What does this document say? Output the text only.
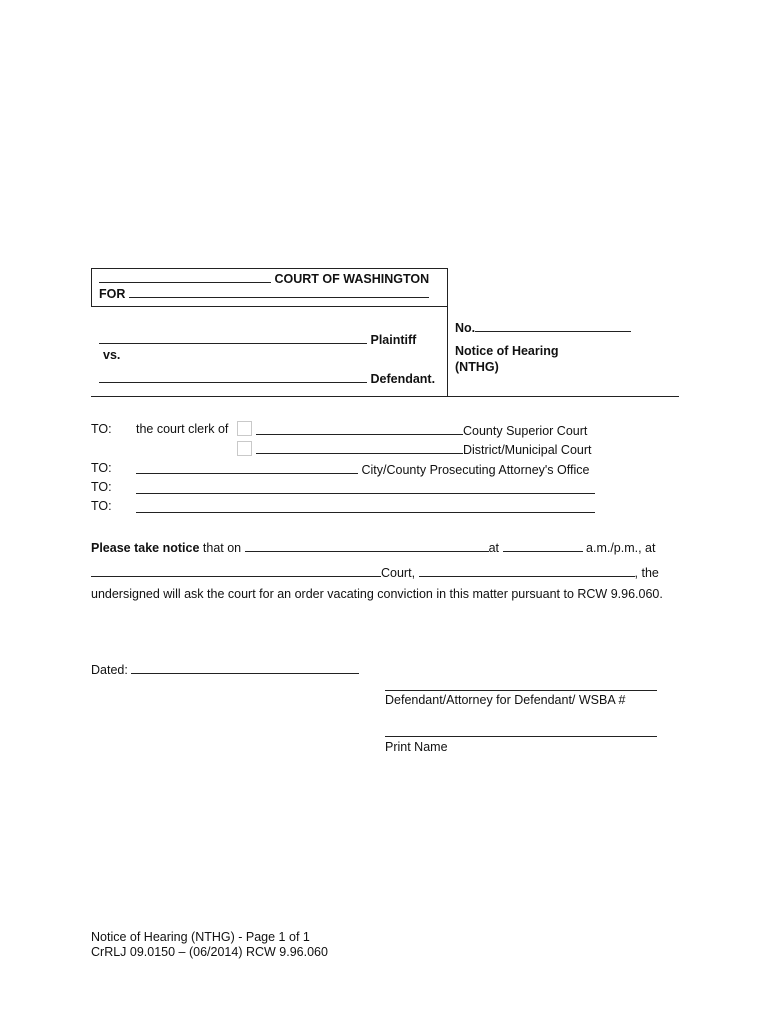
COURT OF WASHINGTON
FOR
Plaintiff
vs.
Defendant.
No.
Notice of Hearing
(NTHG)
TO: the court clerk of	County Superior Court
District/Municipal Court
TO:	City/County Prosecuting Attorney's Office
TO:
TO:
Please take notice that on	at	a.m./p.m., at
Court,	, the
undersigned will ask the court for an order vacating conviction in this matter pursuant to RCW 9.96.060.
Dated:
Defendant/Attorney for Defendant/ WSBA #
Print Name
Notice of Hearing (NTHG) - Page 1 of 1
CrRLJ 09.0150 – (06/2014) RCW 9.96.060
